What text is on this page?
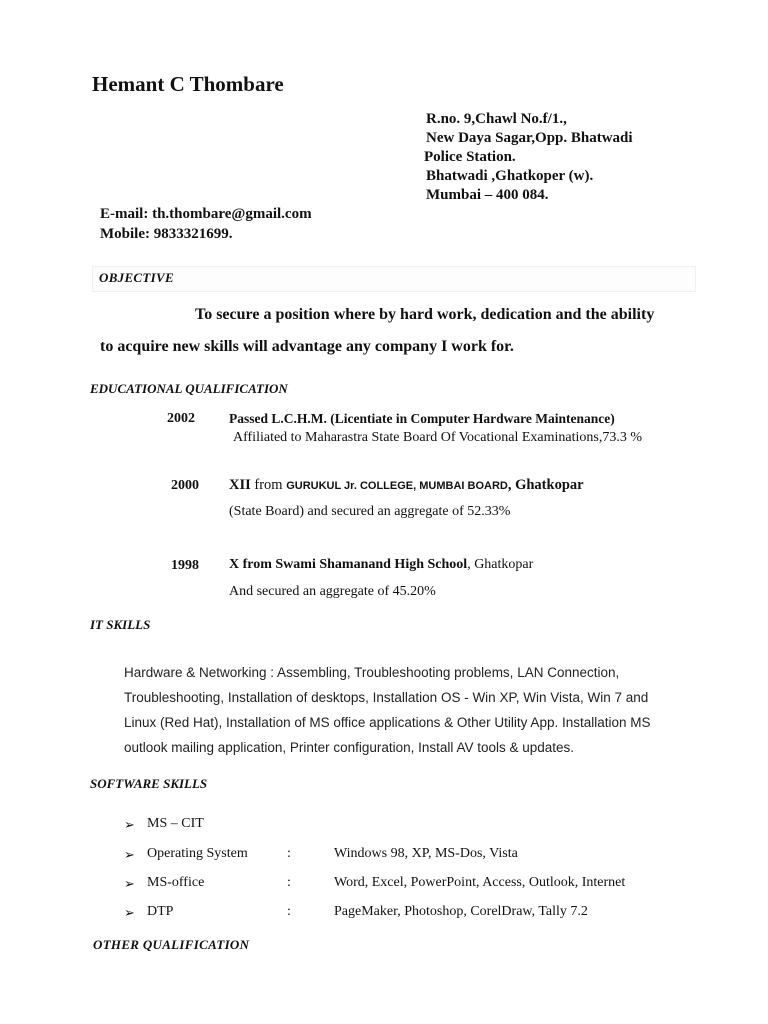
Hemant C Thombare
R.no. 9,Chawl No.f/1.,
New Daya Sagar,Opp. Bhatwadi
Police Station.
Bhatwadi ,Ghatkoper (w).
Mumbai – 400 084.
E-mail: th.thombare@gmail.com
Mobile: 9833321699.
OBJECTIVE
To secure a position where by hard work, dedication and the ability
to acquire new skills will advantage any company I work for.
EDUCATIONAL QUALIFICATION
2002	Passed L.C.H.M. (Licentiate in Computer Hardware Maintenance)
Affiliated to Maharastra State Board Of Vocational Examinations,73.3 %
2000 XII from GURUKUL Jr. COLLEGE, MUMBAI BOARD, Ghatkopar
(State Board) and secured an aggregate of 52.33%
1998 X from Swami Shamanand High School, Ghatkopar
And secured an aggregate of 45.20%
IT SKILLS
Hardware & Networking : Assembling, Troubleshooting problems, LAN Connection,
Troubleshooting, Installation of desktops, Installation OS - Win XP, Win Vista, Win 7 and
Linux (Red Hat), Installation of MS office applications & Other Utility App. Installation MS
outlook mailing application, Printer configuration, Install AV tools & updates.
SOFTWARE SKILLS
➢ MS – CIT
➢ Operating System	:	Windows 98, XP, MS-Dos, Vista
➢ MS-office	:	Word, Excel, PowerPoint, Access, Outlook, Internet
➢ DTP	:	PageMaker, Photoshop, CorelDraw, Tally 7.2
OTHER QUALIFICATION
